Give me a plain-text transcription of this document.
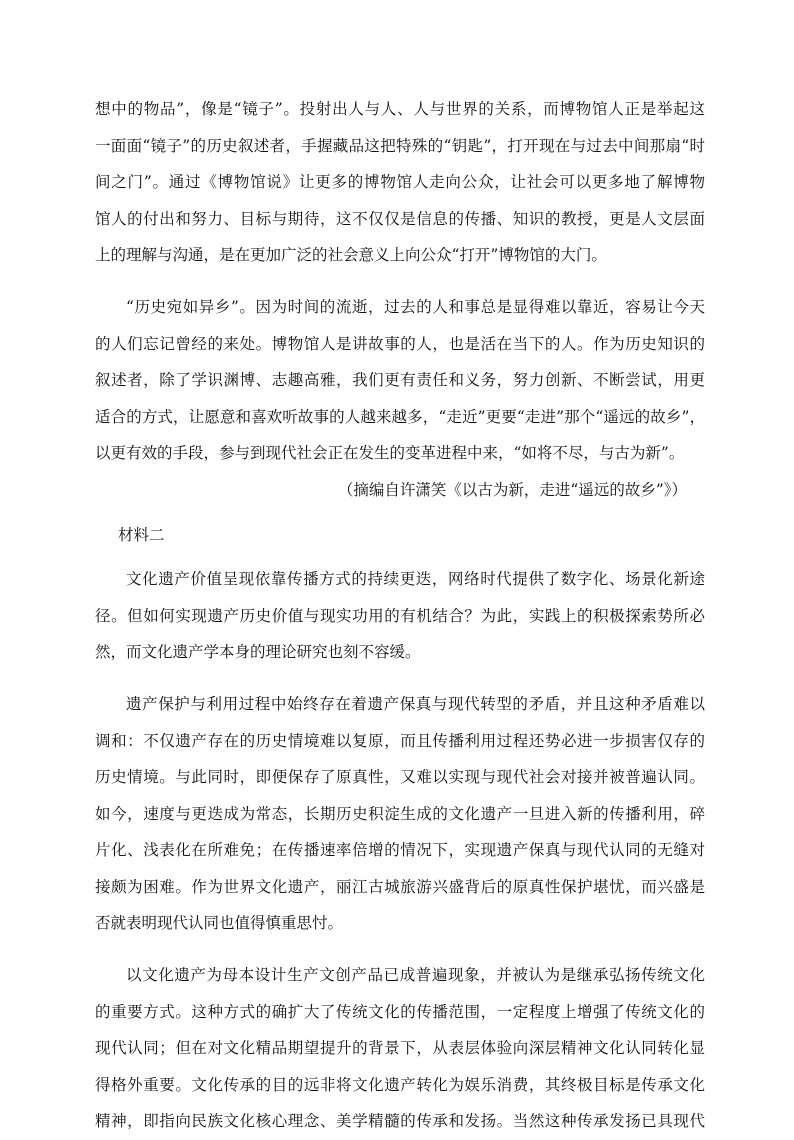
想中的物品”，像是“镜子”。投射出人与人、人与世界的关系，而博物馆人正是举起这
一面面“镜子”的历史叙述者，手握藏品这把特殊的“钥匙”，打开现在与过去中间那扇“时
间之门”。通过《博物馆说》让更多的博物馆人走向公众，让社会可以更多地了解博物
馆人的付出和努力、目标与期待，这不仅仅是信息的传播、知识的教授，更是人文层面
上的理解与沟通，是在更加广泛的社会意义上向公众“打开”博物馆的大门。
“历史宛如异乡”。因为时间的流逝，过去的人和事总是显得难以靠近，容易让今天
的人们忘记曾经的来处。博物馆人是讲故事的人，也是活在当下的人。作为历史知识的
叙述者，除了学识渊博、志趣高雅，我们更有责任和义务，努力创新、不断尝试，用更
适合的方式，让愿意和喜欢听故事的人越来越多，“走近”更要“走进”那个“遥远的故乡”，
以更有效的手段，参与到现代社会正在发生的变革进程中来，“如将不尽，与古为新”。
（摘编自许潇笑《以古为新，走进“遥远的故乡”》）
材料二
文化遗产价值呈现依靠传播方式的持续更迭，网络时代提供了数字化、场景化新途
径。但如何实现遗产历史价值与现实功用的有机结合？为此，实践上的积极探索势所必
然，而文化遗产学本身的理论研究也刻不容缓。
遗产保护与利用过程中始终存在着遗产保真与现代转型的矛盾，并且这种矛盾难以
调和：不仅遗产存在的历史情境难以复原，而且传播利用过程还势必进一步损害仅存的
历史情境。与此同时，即便保存了原真性，又难以实现与现代社会对接并被普遍认同。
如今，速度与更迭成为常态，长期历史积淀生成的文化遗产一旦进入新的传播利用，碎
片化、浅表化在所难免；在传播速率倍增的情况下，实现遗产保真与现代认同的无缝对
接颇为困难。作为世界文化遗产，丽江古城旅游兴盛背后的原真性保护堪忧，而兴盛是
否就表明现代认同也值得慎重思忖。
以文化遗产为母本设计生产文创产品已成普遍现象，并被认为是继承弘扬传统文化
的重要方式。这种方式的确扩大了传统文化的传播范围，一定程度上增强了传统文化的
现代认同；但在对文化精品期望提升的背景下，从表层体验向深层精神文化认同转化显
得格外重要。文化传承的目的远非将文化遗产转化为娱乐消费，其终极目标是传承文化
精神，即指向民族文化核心理念、美学精髓的传承和发扬。当然这种传承发扬已具现代
